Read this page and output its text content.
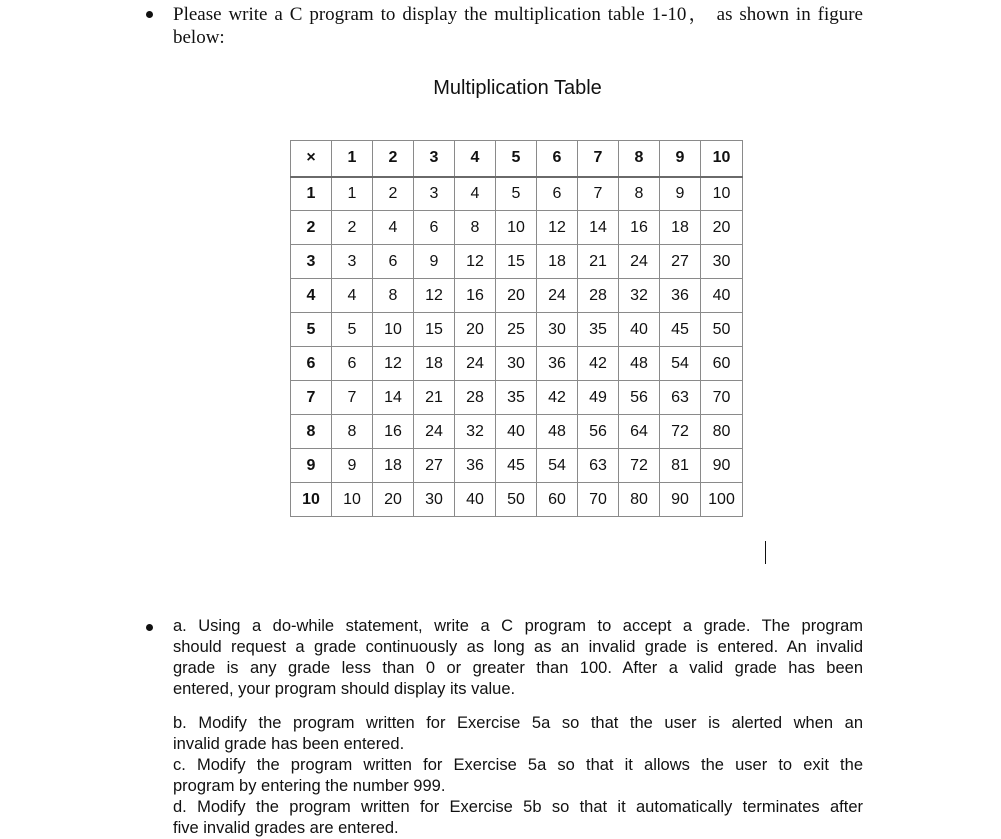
Please write a C program to display the multiplication table 1-10， as shown in figure
below:
Multiplication Table
×	1	2	3	4	5	6	7	8	9	10
1	1	2	3	4	5	6	7	8	9	10
2	2	4	6	8	10	12	14	16	18	20
3	3	6	9	12	15	18	21	24	27	30
4	4	8	12	16	20	24	28	32	36	40
5	5	10	15	20	25	30	35	40	45	50
6	6	12	18	24	30	36	42	48	54	60
7	7	14	21	28	35	42	49	56	63	70
8	8	16	24	32	40	48	56	64	72	80
9	9	18	27	36	45	54	63	72	81	90
10	10	20	30	40	50	60	70	80	90	100
a. Using a do-while statement, write a C program to accept a grade. The program
should request a grade continuously as long as an invalid grade is entered. An invalid
grade is any grade less than 0 or greater than 100. After a valid grade has been
entered, your program should display its value.
b. Modify the program written for Exercise 5a so that the user is alerted when an
invalid grade has been entered.
c. Modify the program written for Exercise 5a so that it allows the user to exit the
program by entering the number 999.
d. Modify the program written for Exercise 5b so that it automatically terminates after
five invalid grades are entered.
